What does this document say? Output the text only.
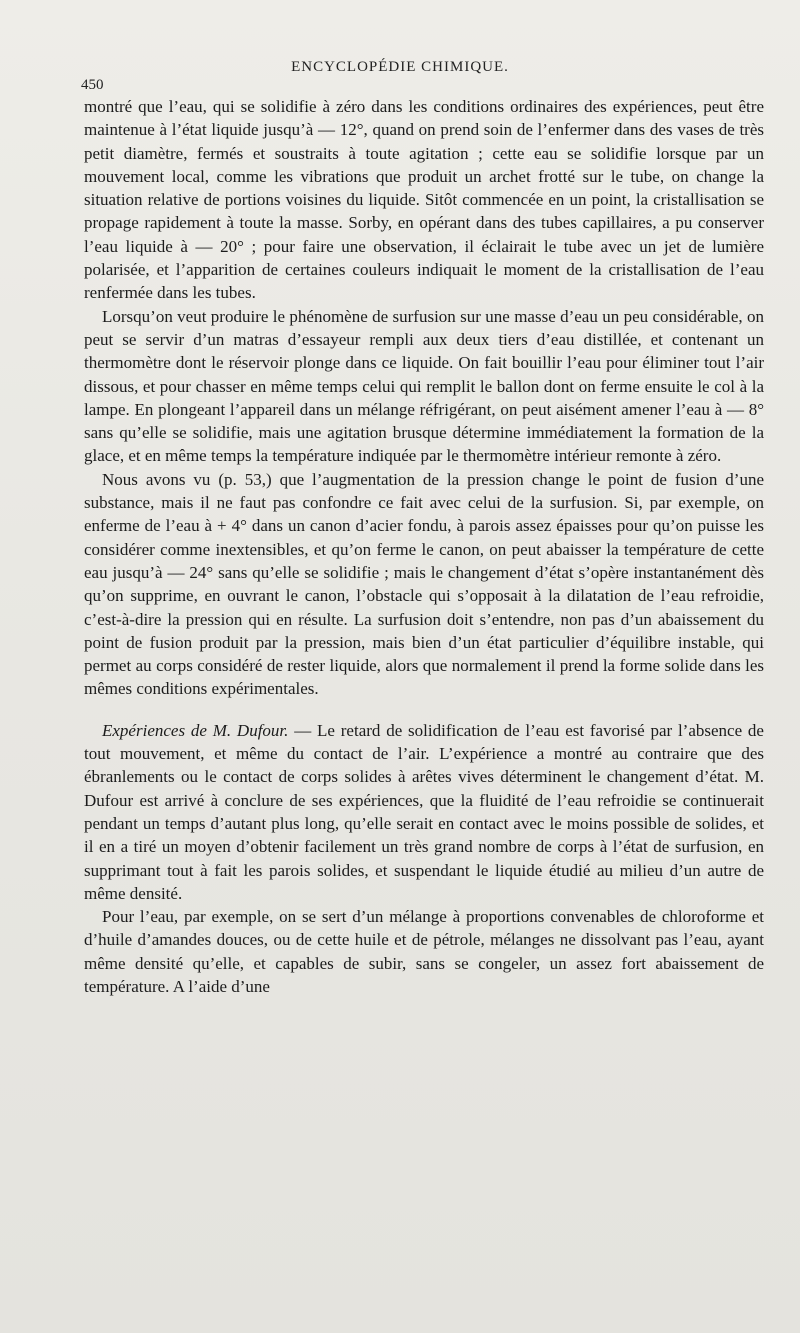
ENCYCLOPÉDIE CHIMIQUE.
450

montré que l’eau, qui se solidifie à zéro dans les conditions ordinaires des expériences, peut être maintenue à l’état liquide jusqu’à — 12°, quand on prend soin de l’enfermer dans des vases de très petit diamètre, fermés et soustraits à toute agitation ; cette eau se solidifie lorsque par un mouvement local, comme les vibrations que produit un archet frotté sur le tube, on change la situation relative de portions voisines du liquide. Sitôt commencée en un point, la cristallisation se propage rapidement à toute la masse. Sorby, en opérant dans des tubes capillaires, a pu conserver l’eau liquide à — 20° ; pour faire une observation, il éclairait le tube avec un jet de lumière polarisée, et l’apparition de certaines couleurs indiquait le moment de la cristallisation de l’eau renfermée dans les tubes.

Lorsqu’on veut produire le phénomène de surfusion sur une masse d’eau un peu considérable, on peut se servir d’un matras d’essayeur rempli aux deux tiers d’eau distillée, et contenant un thermomètre dont le réservoir plonge dans ce liquide. On fait bouillir l’eau pour éliminer tout l’air dissous, et pour chasser en même temps celui qui remplit le ballon dont on ferme ensuite le col à la lampe. En plongeant l’appareil dans un mélange réfrigérant, on peut aisément amener l’eau à — 8° sans qu’elle se solidifie, mais une agitation brusque détermine immédiatement la formation de la glace, et en même temps la température indiquée par le thermomètre intérieur remonte à zéro.

Nous avons vu (p. 53,) que l’augmentation de la pression change le point de fusion d’une substance, mais il ne faut pas confondre ce fait avec celui de la surfusion. Si, par exemple, on enferme de l’eau à + 4° dans un canon d’acier fondu, à parois assez épaisses pour qu’on puisse les considérer comme inextensibles, et qu’on ferme le canon, on peut abaisser la température de cette eau jusqu’à — 24° sans qu’elle se solidifie ; mais le changement d’état s’opère instantanément dès qu’on supprime, en ouvrant le canon, l’obstacle qui s’opposait à la dilatation de l’eau refroidie, c’est-à-dire la pression qui en résulte. La surfusion doit s’entendre, non pas d’un abaissement du point de fusion produit par la pression, mais bien d’un état particulier d’équilibre instable, qui permet au corps considéré de rester liquide, alors que normalement il prend la forme solide dans les mêmes conditions expérimentales.

Expériences de M. Dufour. — Le retard de solidification de l’eau est favorisé par l’absence de tout mouvement, et même du contact de l’air. L’expérience a montré au contraire que des ébranlements ou le contact de corps solides à arêtes vives déterminent le changement d’état. M. Dufour est arrivé à conclure de ses expériences, que la fluidité de l’eau refroidie se continuerait pendant un temps d’autant plus long, qu’elle serait en contact avec le moins possible de solides, et il en a tiré un moyen d’obtenir facilement un très grand nombre de corps à l’état de surfusion, en supprimant tout à fait les parois solides, et suspendant le liquide étudié au milieu d’un autre de même densité.

Pour l’eau, par exemple, on se sert d’un mélange à proportions convenables de chloroforme et d’huile d’amandes douces, ou de cette huile et de pétrole, mélanges ne dissolvant pas l’eau, ayant même densité qu’elle, et capables de subir, sans se congeler, un assez fort abaissement de température. A l’aide d’une
